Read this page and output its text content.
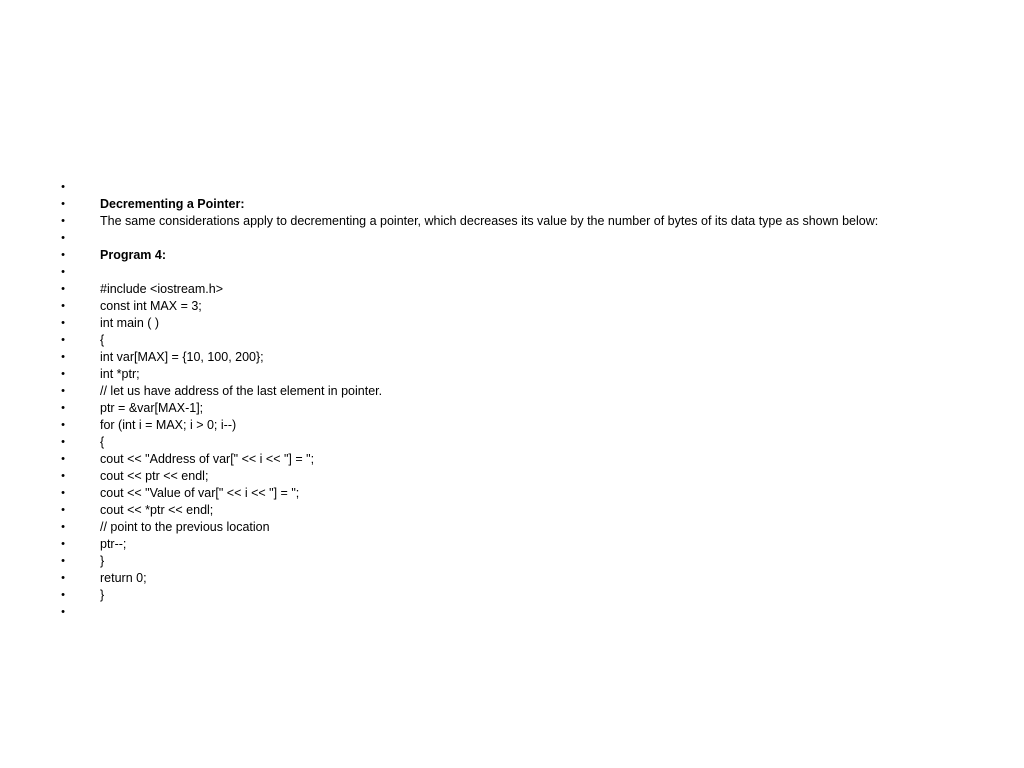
•
•	Decrementing a Pointer:
•	The same considerations apply to decrementing a pointer, which decreases its value by the number of bytes of its data type as shown below:
•
•	Program 4:
•
•	#include <iostream.h>
•	const int MAX = 3;
•	int main ( )
•	{
•	int var[MAX] = {10, 100, 200};
•	int *ptr;
•	// let us have address of the last element in pointer.
•	ptr = &var[MAX-1];
•	for (int i = MAX; i > 0; i--)
•	{
•	cout << "Address of var[" << i << "] = ";
•	cout << ptr << endl;
•	cout << "Value of var[" << i << "] = ";
•	cout << *ptr << endl;
•	// point to the previous location
•	ptr--;
•	}
•	return 0;
•	}
•
